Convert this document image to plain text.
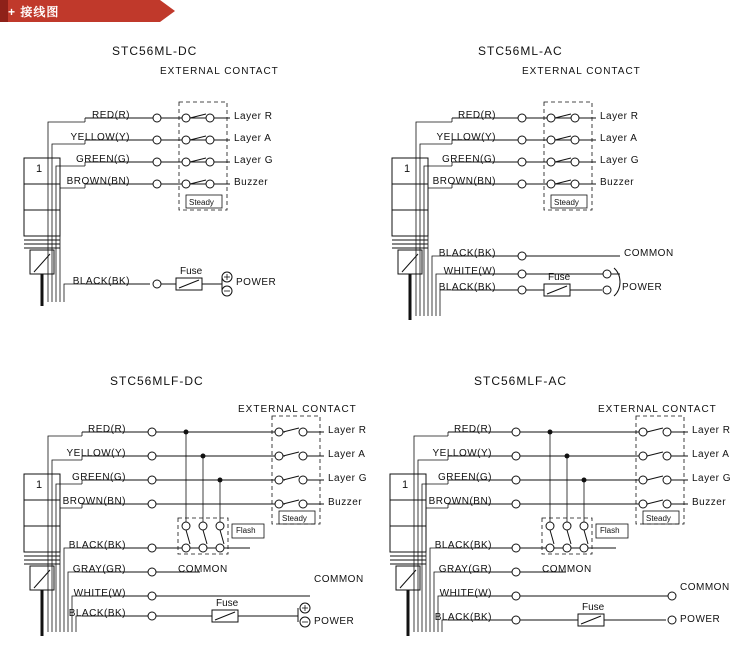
+ 接线图
STC56ML-DC
EXTERNAL CONTACT
RED(R)
YELLOW(Y)
GREEN(G)
BROWN(BN)
BLACK(BK)
Layer R
Layer A
Layer G
Buzzer
Steady
Fuse
POWER
1
STC56ML-AC
EXTERNAL CONTACT
RED(R)
YELLOW(Y)
GREEN(G)
BROWN(BN)
BLACK(BK)
WHITE(W)
BLACK(BK)
Layer R
Layer A
Layer G
Buzzer
Steady
COMMON
Fuse
POWER
1
STC56MLF-DC
EXTERNAL CONTACT
RED(R)
YELLOW(Y)
GREEN(G)
BROWN(BN)
BLACK(BK)
GRAY(GR)
WHITE(W)
BLACK(BK)
Layer R
Layer A
Layer G
Buzzer
Steady
Flash
COMMON
COMMON
Fuse
POWER
1
STC56MLF-AC
EXTERNAL CONTACT
RED(R)
YELLOW(Y)
GREEN(G)
BROWN(BN)
BLACK(BK)
GRAY(GR)
WHITE(W)
BLACK(BK)
Layer R
Layer A
Layer G
Buzzer
Steady
Flash
COMMON
COMMON
Fuse
POWER
1
